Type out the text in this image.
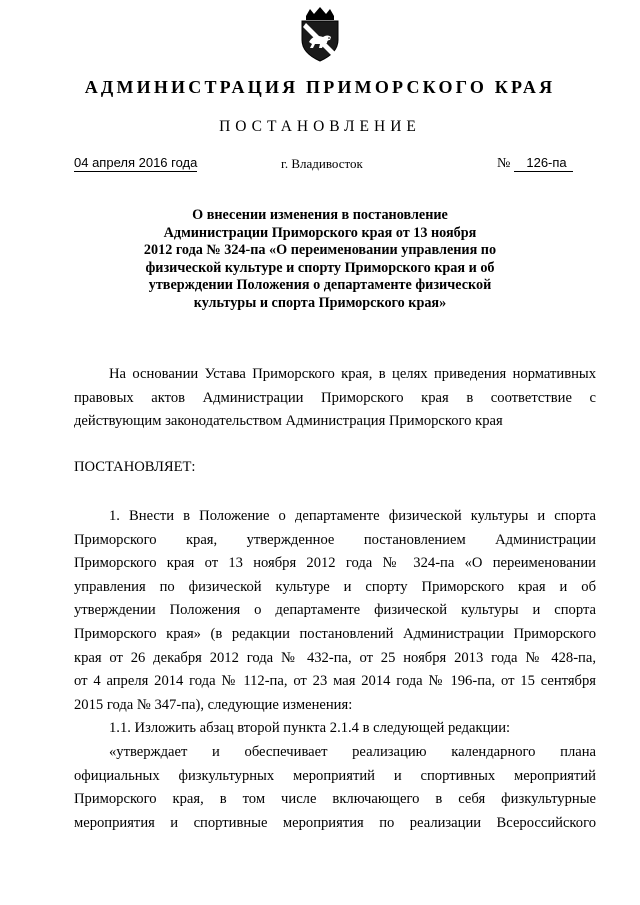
АДМИНИСТРАЦИЯ ПРИМОРСКОГО КРАЯ
ПОСТАНОВЛЕНИЕ
04 апреля 2016 года	г. Владивосток	№ 126-па
О внесении изменения в постановление
Администрации Приморского края от 13 ноября
2012 года № 324-па «О переименовании управления по
физической культуре и спорту Приморского края и об
утверждении Положения о департаменте физической
культуры и спорта Приморского края»
На основании Устава Приморского края, в целях приведения нормативных
правовых актов Администрации Приморского края в соответствие с
действующим законодательством Администрация Приморского края
ПОСТАНОВЛЯЕТ:
1. Внести в Положение о департаменте физической культуры и спорта
Приморского края, утвержденное постановлением Администрации
Приморского края от 13 ноября 2012 года № 324-па «О переименовании
управления по физической культуре и спорту Приморского края и об
утверждении Положения о департаменте физической культуры и спорта
Приморского края» (в редакции постановлений Администрации Приморского
края от 26 декабря 2012 года № 432-па, от 25 ноября 2013 года № 428-па,
от 4 апреля 2014 года № 112-па, от 23 мая 2014 года № 196-па, от 15 сентября
2015 года № 347-па), следующие изменения:
1.1. Изложить абзац второй пункта 2.1.4 в следующей редакции:
«утверждает и обеспечивает реализацию календарного плана
официальных физкультурных мероприятий и спортивных мероприятий
Приморского края, в том числе включающего в себя физкультурные
мероприятия и спортивные мероприятия по реализации Всероссийского
